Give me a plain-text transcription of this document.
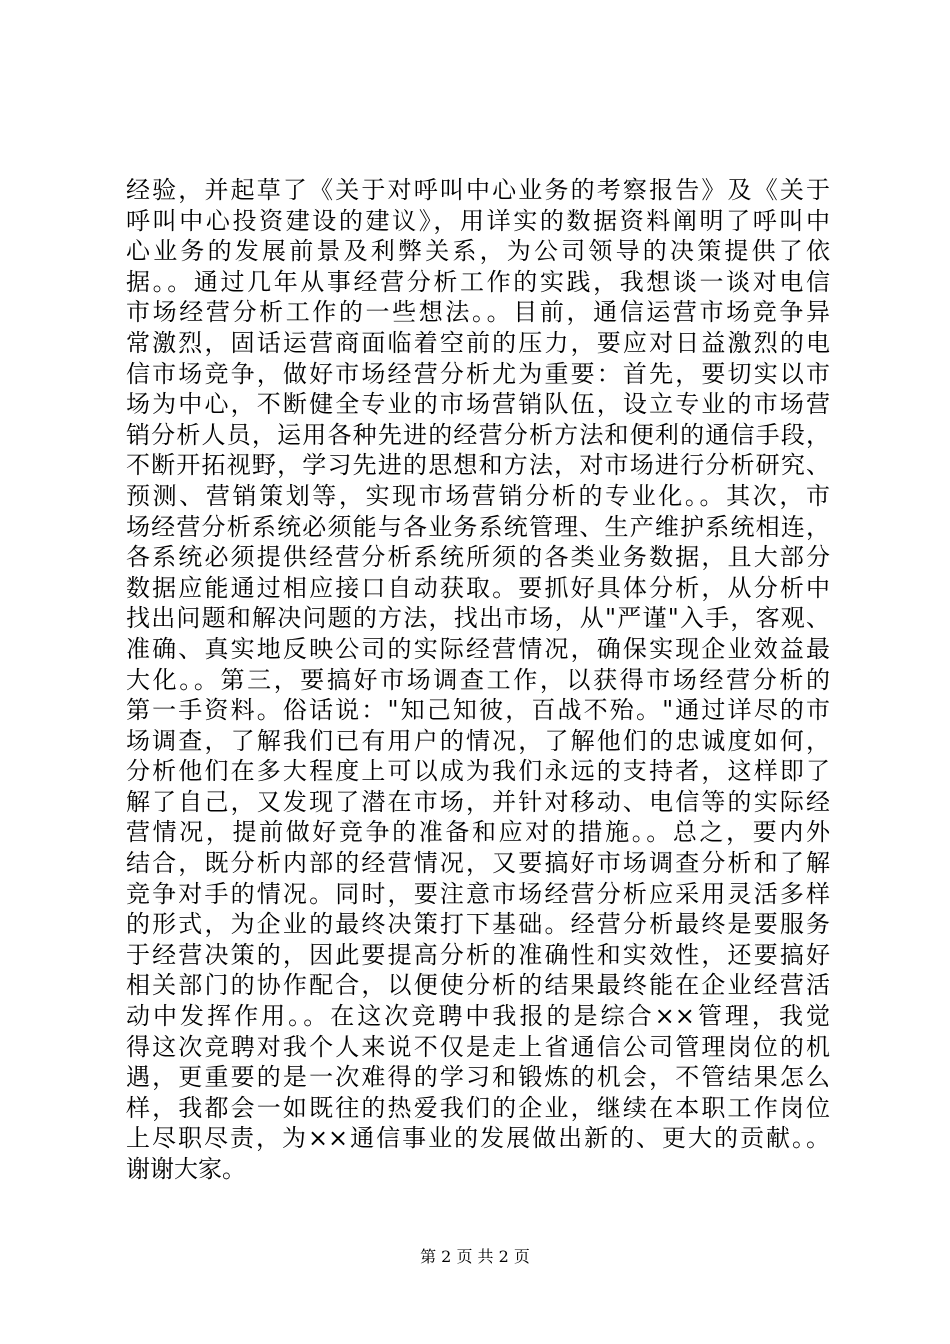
经验，并起草了《关于对呼叫中心业务的考察报告》及《关于
呼叫中心投资建设的建议》，用详实的数据资料阐明了呼叫中
心业务的发展前景及利弊关系，为公司领导的决策提供了依
据。。通过几年从事经营分析工作的实践，我想谈一谈对电信
市场经营分析工作的一些想法。。目前，通信运营市场竞争异
常激烈，固话运营商面临着空前的压力，要应对日益激烈的电
信市场竞争，做好市场经营分析尤为重要：首先，要切实以市
场为中心，不断健全专业的市场营销队伍，设立专业的市场营
销分析人员，运用各种先进的经营分析方法和便利的通信手段，
不断开拓视野，学习先进的思想和方法，对市场进行分析研究、
预测、营销策划等，实现市场营销分析的专业化。。其次，市
场经营分析系统必须能与各业务系统管理、生产维护系统相连，
各系统必须提供经营分析系统所须的各类业务数据，且大部分
数据应能通过相应接口自动获取。要抓好具体分析，从分析中
找出问题和解决问题的方法，找出市场，从"严谨"入手，客观、
准确、真实地反映公司的实际经营情况，确保实现企业效益最
大化。。第三，要搞好市场调查工作，以获得市场经营分析的
第一手资料。俗话说："知己知彼，百战不殆。"通过详尽的市
场调查，了解我们已有用户的情况，了解他们的忠诚度如何，
分析他们在多大程度上可以成为我们永远的支持者，这样即了
解了自己，又发现了潜在市场，并针对移动、电信等的实际经
营情况，提前做好竞争的准备和应对的措施。。总之，要内外
结合，既分析内部的经营情况，又要搞好市场调查分析和了解
竞争对手的情况。同时，要注意市场经营分析应采用灵活多样
的形式，为企业的最终决策打下基础。经营分析最终是要服务
于经营决策的，因此要提高分析的准确性和实效性，还要搞好
相关部门的协作配合，以便使分析的结果最终能在企业经营活
动中发挥作用。。在这次竞聘中我报的是综合××管理，我觉
得这次竞聘对我个人来说不仅是走上省通信公司管理岗位的机
遇，更重要的是一次难得的学习和锻炼的机会，不管结果怎么
样，我都会一如既往的热爱我们的企业，继续在本职工作岗位
上尽职尽责，为××通信事业的发展做出新的、更大的贡献。。
谢谢大家。
第 2 页 共 2 页
